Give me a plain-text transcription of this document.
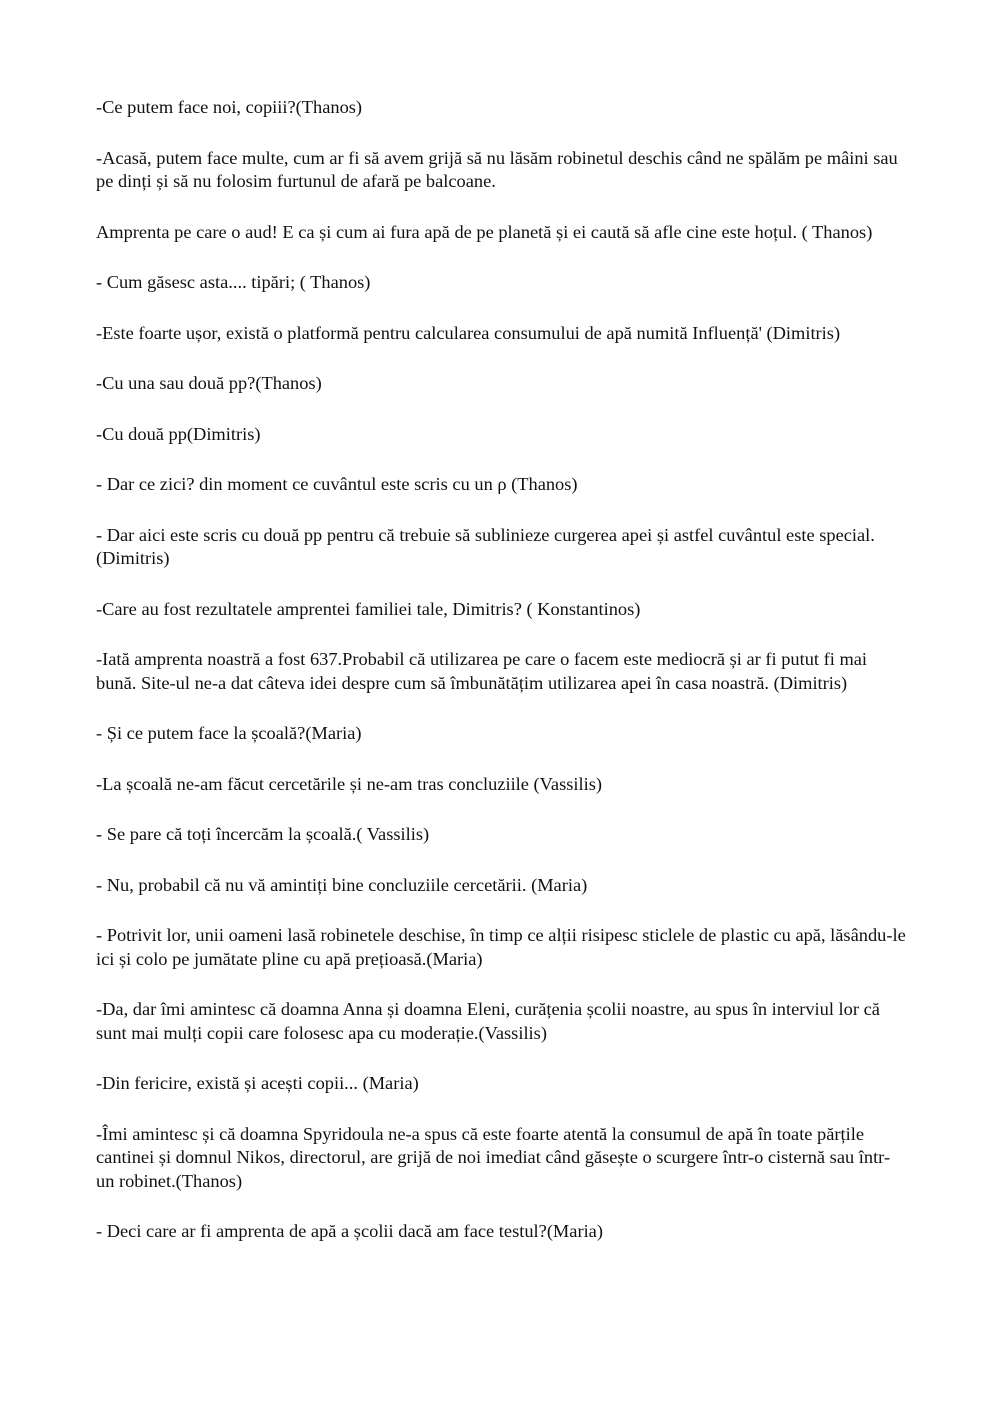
-Ce putem face noi, copiii?(Thanos)

-Acasă, putem face multe, cum ar fi să avem grijă să nu lăsăm robinetul deschis când ne spălăm pe mâini sau pe dinți și să nu folosim furtunul de afară pe balcoane.

Amprenta pe care o aud! E ca și cum ai fura apă de pe planetă și ei caută să afle cine este hoțul. ( Thanos)

- Cum găsesc asta.... tipări; ( Thanos)

-Este foarte ușor, există o platformă pentru calcularea consumului de apă numită Influență' (Dimitris)

-Cu una sau două pp?(Thanos)

-Cu două pp(Dimitris)

- Dar ce zici? din moment ce cuvântul este scris cu un ρ (Thanos)

- Dar aici este scris cu două pp pentru că trebuie să sublinieze curgerea apei și astfel cuvântul este special.(Dimitris)

-Care au fost rezultatele amprentei familiei tale, Dimitris? ( Konstantinos)

-Iată amprenta noastră a fost 637.Probabil că utilizarea pe care o facem este mediocră și ar fi putut fi mai bună. Site-ul ne-a dat câteva idei despre cum să îmbunătățim utilizarea apei în casa noastră. (Dimitris)

- Și ce putem face la școală?(Maria)

-La școală ne-am făcut cercetările și ne-am tras concluziile (Vassilis)

- Se pare că toți încercăm la școală.( Vassilis)

- Nu, probabil că nu vă amintiți bine concluziile cercetării. (Maria)

- Potrivit lor, unii oameni lasă robinetele deschise, în timp ce alții risipesc sticlele de plastic cu apă, lăsându-le ici și colo pe jumătate pline cu apă prețioasă.(Maria)

-Da, dar îmi amintesc că doamna Anna și doamna Eleni, curățenia școlii noastre, au spus în interviul lor că sunt mai mulți copii care folosesc apa cu moderație.(Vassilis)

-Din fericire, există și acești copii... (Maria)

-Îmi amintesc și că doamna Spyridoula ne-a spus că este foarte atentă la consumul de apă în toate părțile cantinei și domnul Nikos, directorul, are grijă de noi imediat când găsește o scurgere într-o cisternă sau într-un robinet.(Thanos)

- Deci care ar fi amprenta de apă a școlii dacă am face testul?(Maria)
